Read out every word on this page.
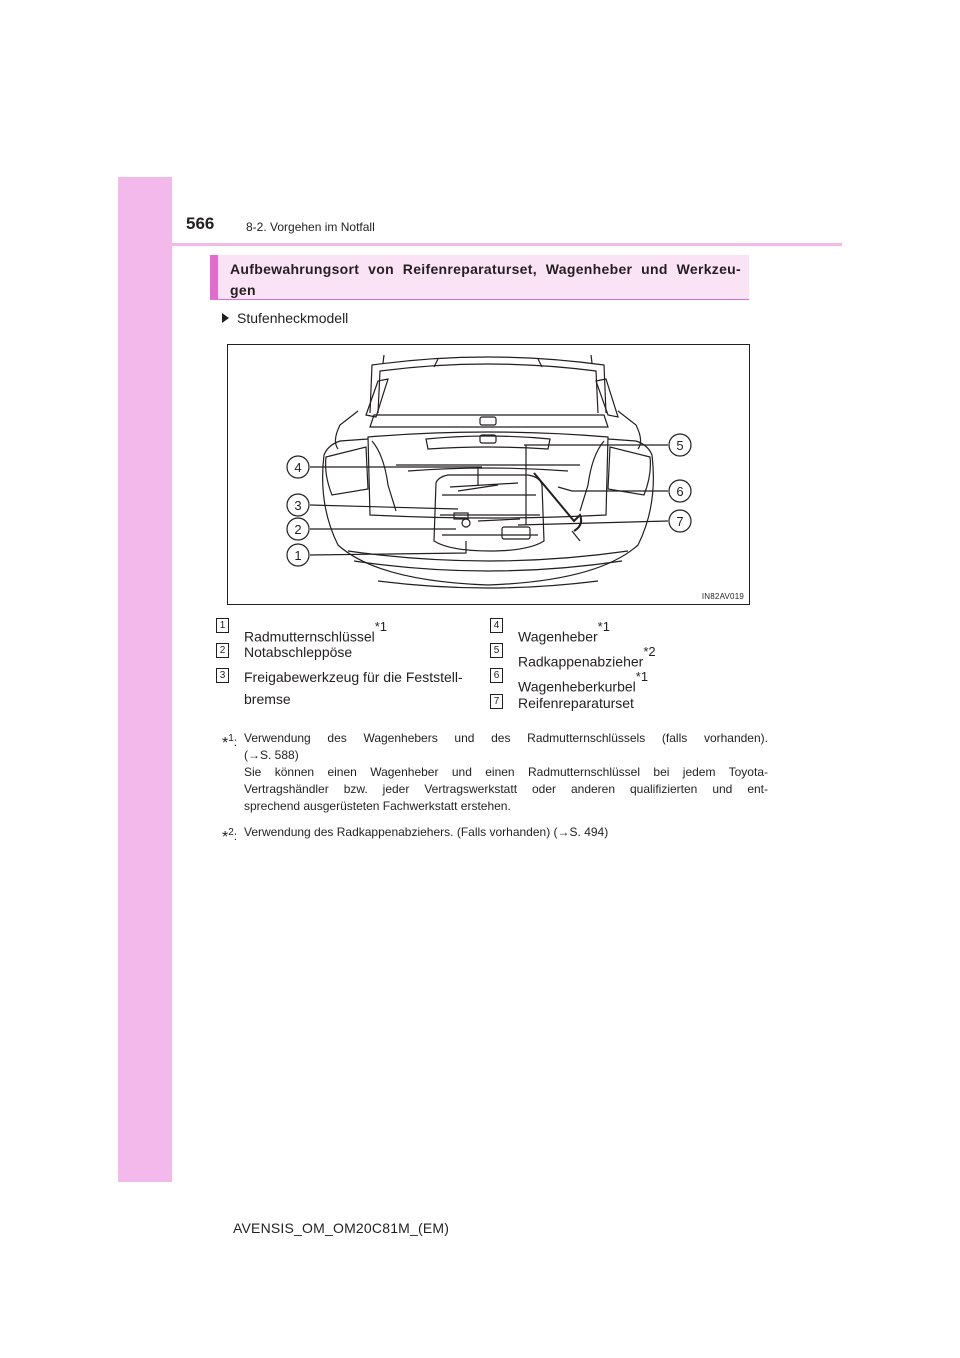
566	8-2. Vorgehen im Notfall
Aufbewahrungsort von Reifenreparaturset, Wagenheber und Werkzeu-gen
Stufenheckmodell
4
3
2
1
5
6
7
IN82AV019
1
Radmutternschlüssel$^{*1}$
2 Notabschleppöse
3 Freigabewerkzeug für die Feststell-
bremse
4
Wagenheber$^{*1}$
5
Radkappenabzieher$^{*2}$
6
Wagenheberkurbel$^{*1}$
7 Reifenreparaturset
*$^1$: Verwendung des Wagenhebers und des Radmutternschlüssels (falls vorhanden).
(→S. 588)
Sie können einen Wagenheber und einen Radmutternschlüssel bei jedem Toyota-
Vertragshändler bzw. jeder Vertragswerkstatt oder anderen qualifizierten und ent-
sprechend ausgerüsteten Fachwerkstatt erstehen.
*$^2$: Verwendung des Radkappenabziehers. (Falls vorhanden) (→S. 494)
AVENSIS_OM_OM20C81M_(EM)
